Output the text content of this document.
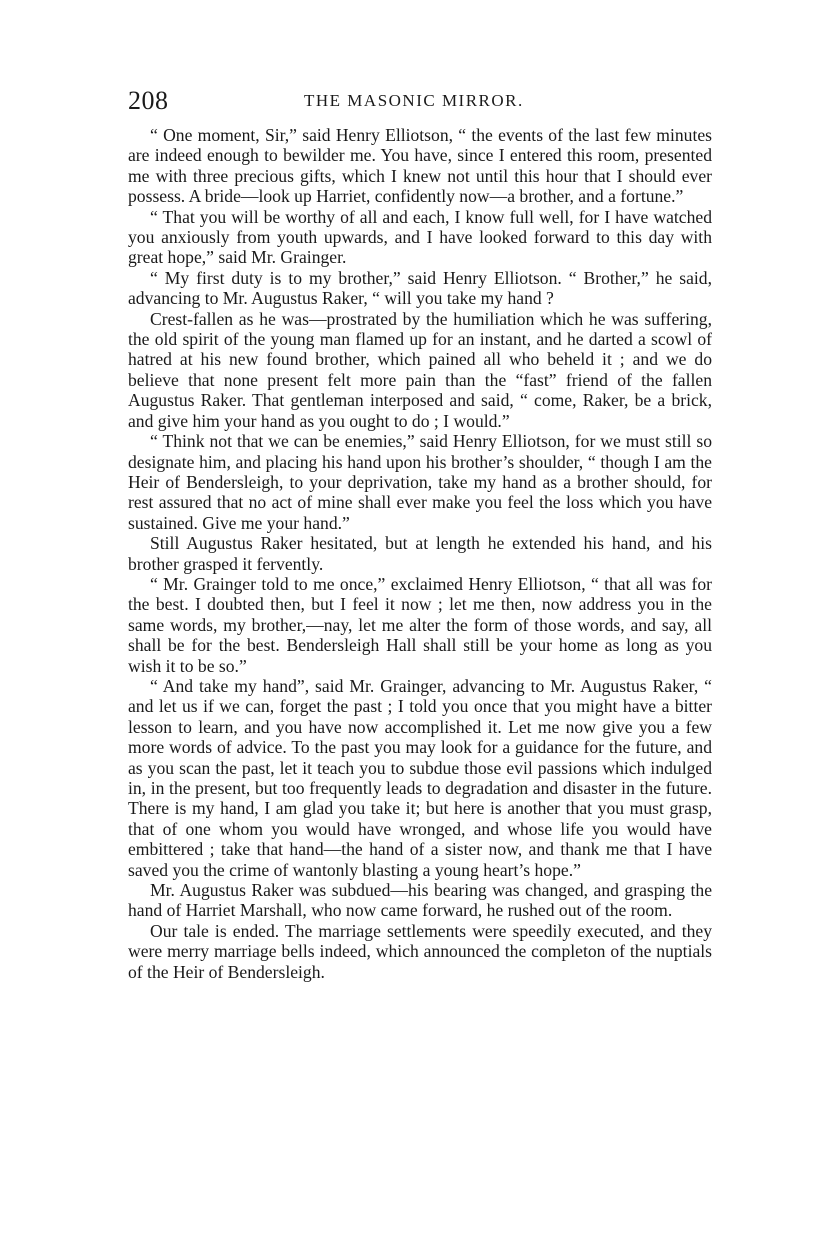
208	THE MASONIC MIRROR.

“ One moment, Sir,” said Henry Elliotson, “ the events of the last few minutes are indeed enough to bewilder me. You have, since I entered this room, presented me with three precious gifts, which I knew not until this hour that I should ever possess. A bride—look up Harriet, confidently now—a brother, and a fortune.”

“ That you will be worthy of all and each, I know full well, for I have watched you anxiously from youth upwards, and I have looked forward to this day with great hope,” said Mr. Grainger.

“ My first duty is to my brother,” said Henry Elliotson. “ Brother,” he said, advancing to Mr. Augustus Raker, “ will you take my hand ?

Crest-fallen as he was—prostrated by the humiliation which he was suffering, the old spirit of the young man flamed up for an instant, and he darted a scowl of hatred at his new found brother, which pained all who beheld it ; and we do believe that none present felt more pain than the “fast” friend of the fallen Augustus Raker. That gentleman interposed and said, “ come, Raker, be a brick, and give him your hand as you ought to do ; I would.”

“ Think not that we can be enemies,” said Henry Elliotson, for we must still so designate him, and placing his hand upon his brother’s shoulder, “ though I am the Heir of Bendersleigh, to your deprivation, take my hand as a brother should, for rest assured that no act of mine shall ever make you feel the loss which you have sustained. Give me your hand.”

Still Augustus Raker hesitated, but at length he extended his hand, and his brother grasped it fervently.

“ Mr. Grainger told to me once,” exclaimed Henry Elliotson, “ that all was for the best. I doubted then, but I feel it now ; let me then, now address you in the same words, my brother,—nay, let me alter the form of those words, and say, all shall be for the best. Bendersleigh Hall shall still be your home as long as you wish it to be so.”

“ And take my hand”, said Mr. Grainger, advancing to Mr. Augustus Raker, “ and let us if we can, forget the past ; I told you once that you might have a bitter lesson to learn, and you have now accomplished it. Let me now give you a few more words of advice. To the past you may look for a guidance for the future, and as you scan the past, let it teach you to subdue those evil passions which indulged in, in the present, but too frequently leads to degradation and disaster in the future. There is my hand, I am glad you take it; but here is another that you must grasp, that of one whom you would have wronged, and whose life you would have embittered ; take that hand—the hand of a sister now, and thank me that I have saved you the crime of wantonly blasting a young heart’s hope.”

Mr. Augustus Raker was subdued—his bearing was changed, and grasping the hand of Harriet Marshall, who now came forward, he rushed out of the room.

Our tale is ended. The marriage settlements were speedily executed, and they were merry marriage bells indeed, which announced the completon of the nuptials of the Heir of Bendersleigh.
